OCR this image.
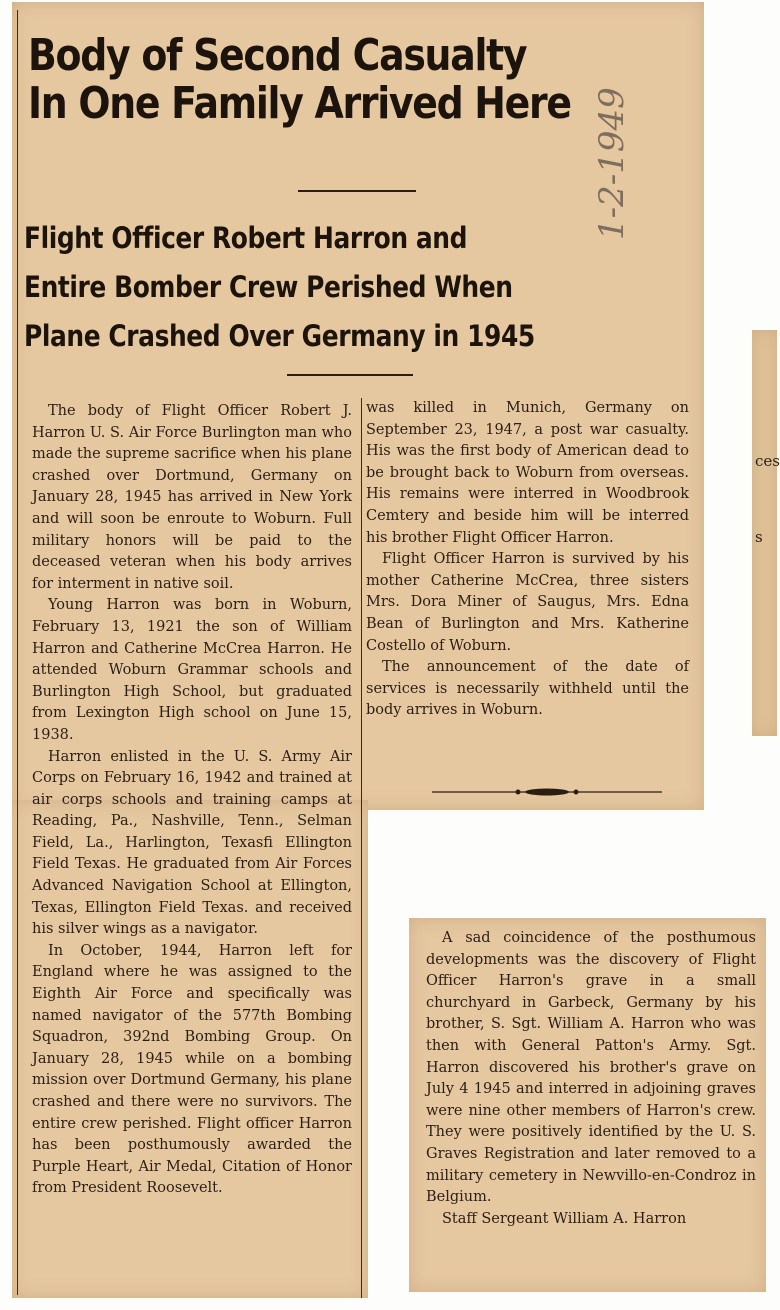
Body of Second Casualty
In One Family Arrived Here 1-2-1949
Flight Officer Robert Harron and
Entire Bomber Crew Perished When
Plane Crashed Over Germany in 1945

The body of Flight Officer Robert J. Harron U. S. Air Force Burlington man who made the supreme sacrifice when his plane crashed over Dortmund, Germany on January 28, 1945 has arrived in New York and will soon be enroute to Woburn. Full military honors will be paid to the deceased veteran when his body arrives for interment in native soil.

Young Harron was born in Woburn, February 13, 1921 the son of William Harron and Catherine McCrea Harron. He attended Woburn Grammar schools and Burlington High School, but graduated from Lexington High school on June 15, 1938.

Harron enlisted in the U. S. Army Air Corps on February 16, 1942 and trained at air corps schools and training camps at Reading, Pa., Nashville, Tenn., Selman Field, La., Harlington, Texasfi Ellington Field Texas. He graduated from Air Forces Advanced Navigation School at Ellington, Texas, Ellington Field Texas. and received his silver wings as a navigator.

In October, 1944, Harron left for England where he was assigned to the Eighth Air Force and specifically was named navigator of the 577th Bombing Squadron, 392nd Bombing Group. On January 28, 1945 while on a bombing mission over Dortmund Germany, his plane crashed and there were no survivors. The entire crew perished. Flight officer Harron has been posthumously awarded the Purple Heart, Air Medal, Citation of Honor from President Roosevelt.

was killed in Munich, Germany on September 23, 1947, a post war casualty. His was the first body of American dead to be brought back to Woburn from overseas. His remains were interred in Woodbrook Cemtery and beside him will be interred his brother Flight Officer Harron.

Flight Officer Harron is survived by his mother Catherine McCrea, three sisters Mrs. Dora Miner of Saugus, Mrs. Edna Bean of Burlington and Mrs. Katherine Costello of Woburn.

The announcement of the date of services is necessarily withheld until the body arrives in Woburn.

A sad coincidence of the posthumous developments was the discovery of Flight Officer Harron's grave in a small churchyard in Garbeck, Germany by his brother, S. Sgt. William A. Harron who was then with General Patton's Army. Sgt. Harron discovered his brother's grave on July 4 1945 and interred in adjoining graves were nine other members of Harron's crew. They were positively identified by the U. S. Graves Registration and later removed to a military cemetery in Newvillo-en-Condroz in Belgium.

Staff Sergeant William A. Harron

ces
s
